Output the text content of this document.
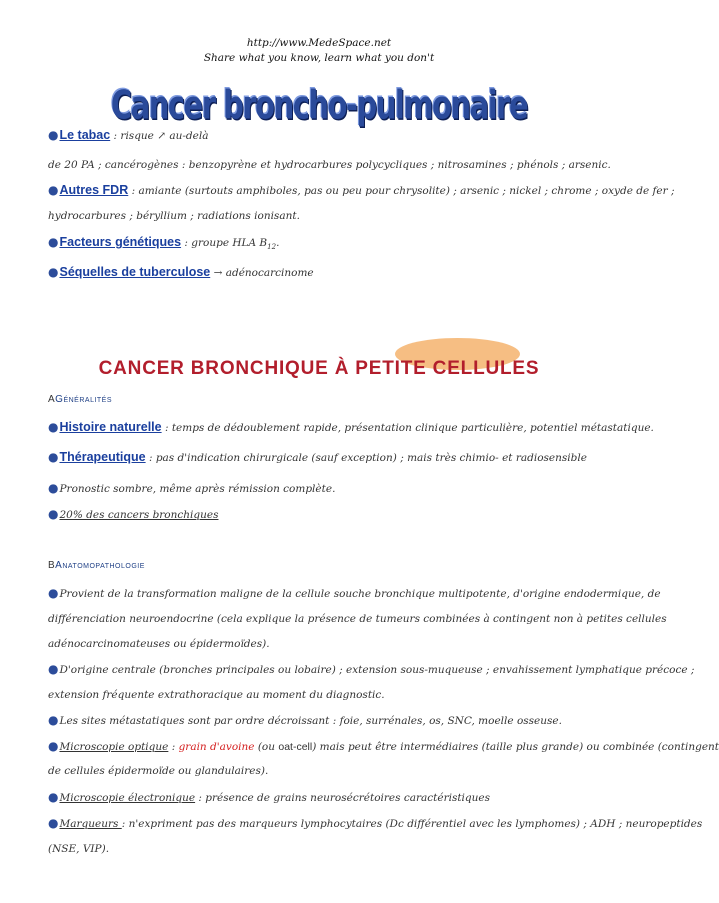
http://www.MedeSpace.net
Share what you know, learn what you don't
Cancer broncho-pulmonaire
●Le tabac : risque ↗ au-delà
de 20 PA ; cancérogènes : benzopyrène et hydrocarbures polycycliques ; nitrosamines ; phénols ; arsenic.
●Autres FDR : amiante (surtouts amphiboles, pas ou peu pour chrysolite) ; arsenic ; nickel ; chrome ; oxyde de fer ;
hydrocarbures ; béryllium ; radiations ionisant.
●Facteurs génétiques : groupe HLA $B_{12}$.
●Séquelles de tuberculose → adénocarcinome
CANCER BRONCHIQUE À PETITE CELLULES
AGénéralités
●Histoire naturelle : temps de dédoublement rapide, présentation clinique particulière, potentiel métastatique.
●Thérapeutique : pas d'indication chirurgicale (sauf exception) ; mais très chimio- et radiosensible
●Pronostic sombre, même après rémission complète.
●20% des cancers bronchiques
BAnatomopathologie
●Provient de la transformation maligne de la cellule souche bronchique multipotente, d'origine endodermique, de
différenciation neuroendocrine (cela explique la présence de tumeurs combinées à contingent non à petites cellules
adénocarcinomateuses ou épidermoïdes).
●D'origine centrale (bronches principales ou lobaire) ; extension sous-muqueuse ; envahissement lymphatique précoce ;
extension fréquente extrathoracique au moment du diagnostic.
●Les sites métastatiques sont par ordre décroissant : foie, surrénales, os, SNC, moelle osseuse.
●Microscopie optique : grain d'avoine (ou oat-cell) mais peut être intermédiaires (taille plus grande) ou combinée (contingent
de cellules épidermoïde ou glandulaires).
●Microscopie électronique : présence de grains neurosécrétoires caractéristiques
●Marqueurs : n'expriment pas des marqueurs lymphocytaires (Dc différentiel avec les lymphomes) ; ADH ; neuropeptides
(NSE, VIP).
